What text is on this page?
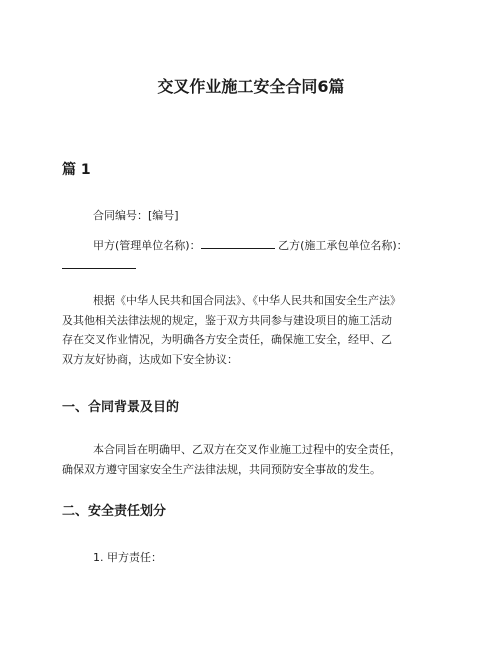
交叉作业施工安全合同6篇
篇 1

合同编号：[编号]

甲方(管理单位名称)：	乙方(施工承包单位名称)：

根据《中华人民共和国合同法》、《中华人民共和国安全生产法》
及其他相关法律法规的规定，鉴于双方共同参与建设项目的施工活动
存在交叉作业情况，为明确各方安全责任，确保施工安全，经甲、乙
双方友好协商，达成如下安全协议：

一、合同背景及目的

本合同旨在明确甲、乙双方在交叉作业施工过程中的安全责任，
确保双方遵守国家安全生产法律法规，共同预防安全事故的发生。

二、安全责任划分

1. 甲方责任：
